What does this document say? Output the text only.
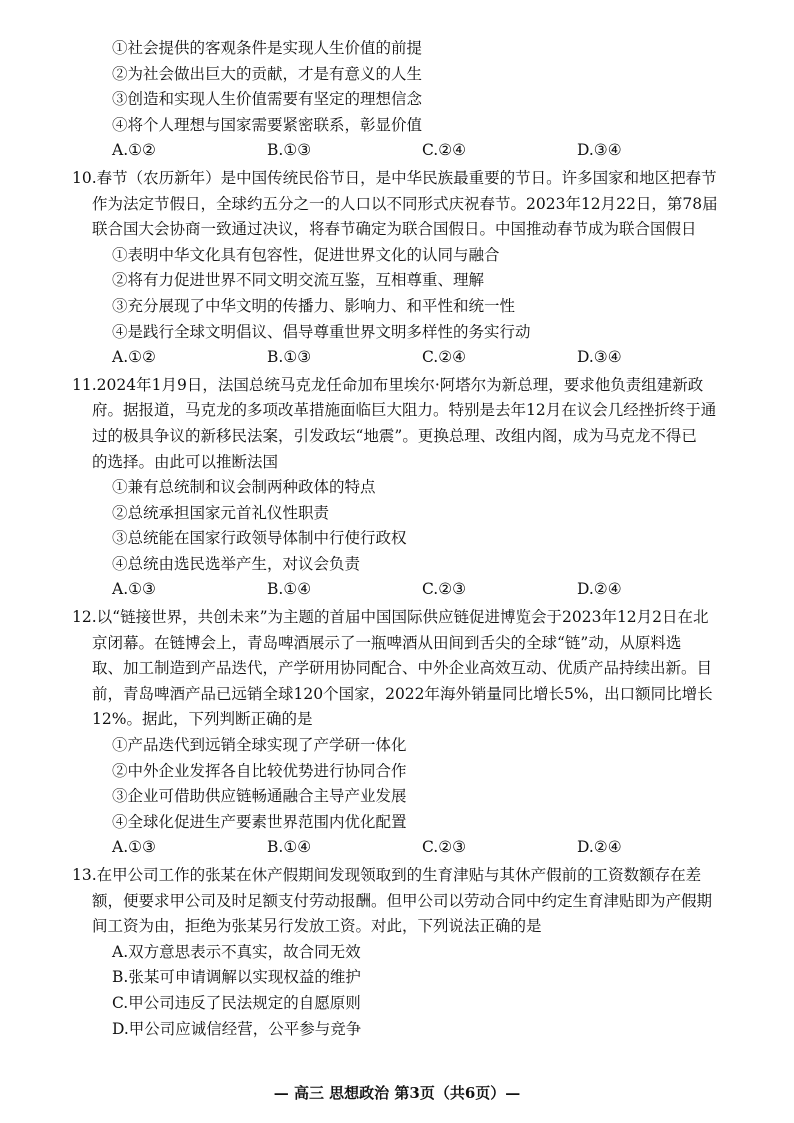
①社会提供的客观条件是实现人生价值的前提
②为社会做出巨大的贡献，才是有意义的人生
③创造和实现人生价值需要有坚定的理想信念
④将个人理想与国家需要紧密联系，彰显价值
A.①②	B.①③	C.②④	D.③④
10.春节（农历新年）是中国传统民俗节日，是中华民族最重要的节日。许多国家和地区把春节
作为法定节假日，全球约五分之一的人口以不同形式庆祝春节。2023年12月22日，第78届
联合国大会协商一致通过决议，将春节确定为联合国假日。中国推动春节成为联合国假日
①表明中华文化具有包容性，促进世界文化的认同与融合
②将有力促进世界不同文明交流互鉴，互相尊重、理解
③充分展现了中华文明的传播力、影响力、和平性和统一性
④是践行全球文明倡议、倡导尊重世界文明多样性的务实行动
A.①②	B.①③	C.②④	D.③④
11.2024年1月9日，法国总统马克龙任命加布里埃尔·阿塔尔为新总理，要求他负责组建新政
府。据报道，马克龙的多项改革措施面临巨大阻力。特别是去年12月在议会几经挫折终于通
过的极具争议的新移民法案，引发政坛“地震”。更换总理、改组内阁，成为马克龙不得已
的选择。由此可以推断法国
①兼有总统制和议会制两种政体的特点
②总统承担国家元首礼仪性职责
③总统能在国家行政领导体制中行使行政权
④总统由选民选举产生，对议会负责
A.①③	B.①④	C.②③	D.②④
12.以“链接世界，共创未来”为主题的首届中国国际供应链促进博览会于2023年12月2日在北
京闭幕。在链博会上，青岛啤酒展示了一瓶啤酒从田间到舌尖的全球“链”动，从原料选
取、加工制造到产品迭代，产学研用协同配合、中外企业高效互动、优质产品持续出新。目
前，青岛啤酒产品已远销全球120个国家，2022年海外销量同比增长5%，出口额同比增长
12%。据此，下列判断正确的是
①产品迭代到远销全球实现了产学研一体化
②中外企业发挥各自比较优势进行协同合作
③企业可借助供应链畅通融合主导产业发展
④全球化促进生产要素世界范围内优化配置
A.①③	B.①④	C.②③	D.②④
13.在甲公司工作的张某在休产假期间发现领取到的生育津贴与其休产假前的工资数额存在差
额，便要求甲公司及时足额支付劳动报酬。但甲公司以劳动合同中约定生育津贴即为产假期
间工资为由，拒绝为张某另行发放工资。对此，下列说法正确的是
A.双方意思表示不真实，故合同无效
B.张某可申请调解以实现权益的维护
C.甲公司违反了民法规定的自愿原则
D.甲公司应诚信经营，公平参与竞争
— 高三 思想政治 第3页（共6页）—
